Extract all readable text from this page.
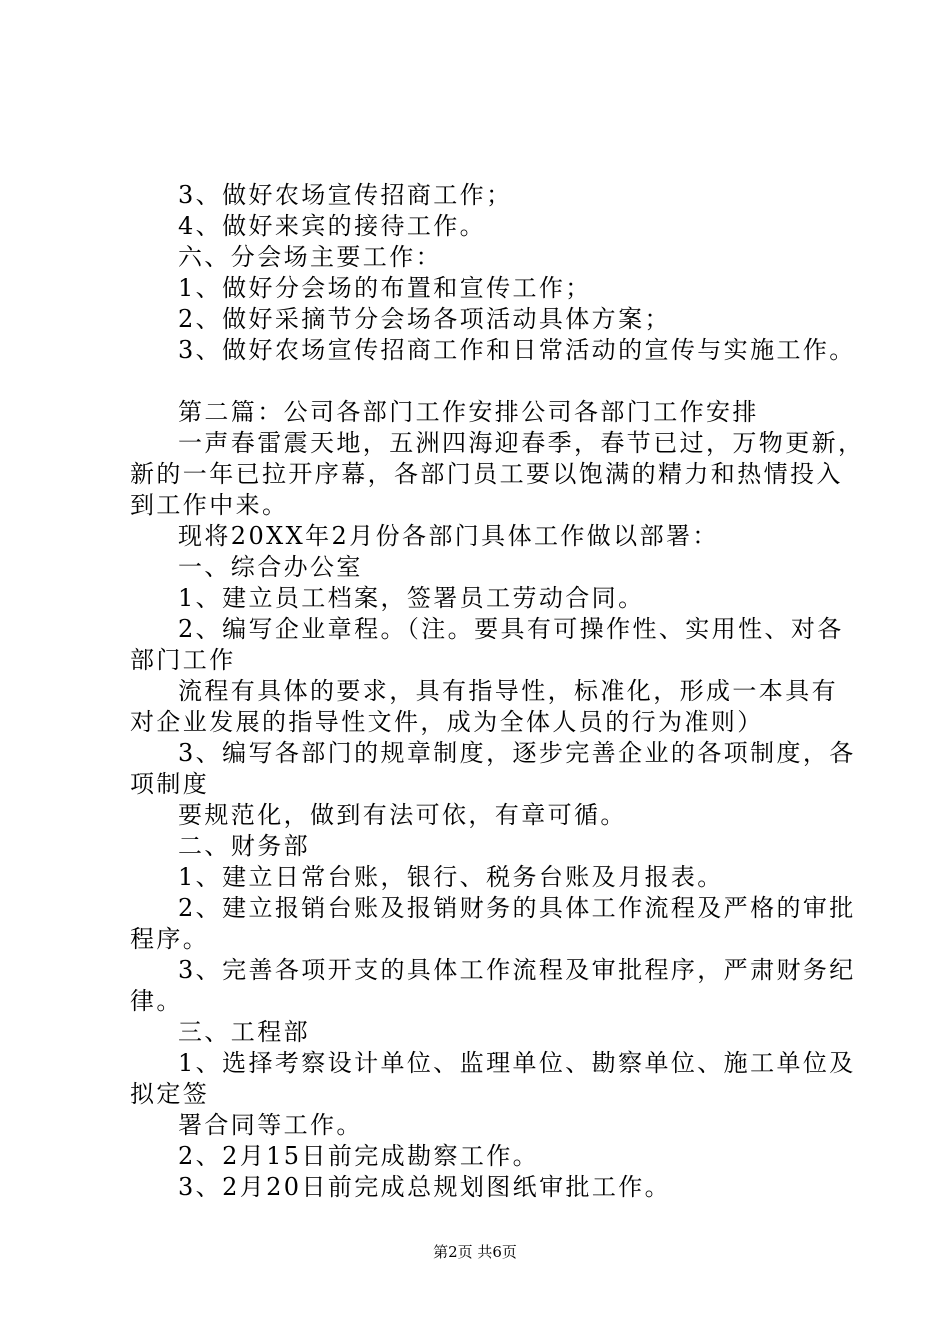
3、做好农场宣传招商工作；
4、做好来宾的接待工作。
六、分会场主要工作：
1、做好分会场的布置和宣传工作；
2、做好采摘节分会场各项活动具体方案；
3、做好农场宣传招商工作和日常活动的宣传与实施工作。
第二篇：公司各部门工作安排公司各部门工作安排
一声春雷震天地，五洲四海迎春季，春节已过，万物更新，
新的一年已拉开序幕，各部门员工要以饱满的精力和热情投入
到工作中来。
现将20XX年2月份各部门具体工作做以部署：
一、综合办公室
1、建立员工档案，签署员工劳动合同。
2、编写企业章程。（注。要具有可操作性、实用性、对各
部门工作
流程有具体的要求，具有指导性，标准化，形成一本具有
对企业发展的指导性文件，成为全体人员的行为准则）
3、编写各部门的规章制度，逐步完善企业的各项制度，各
项制度
要规范化，做到有法可依，有章可循。
二、财务部
1、建立日常台账，银行、税务台账及月报表。
2、建立报销台账及报销财务的具体工作流程及严格的审批
程序。
3、完善各项开支的具体工作流程及审批程序，严肃财务纪
律。
三、工程部
1、选择考察设计单位、监理单位、勘察单位、施工单位及
拟定签
署合同等工作。
2、2月15日前完成勘察工作。
3、2月20日前完成总规划图纸审批工作。
第2页 共6页
